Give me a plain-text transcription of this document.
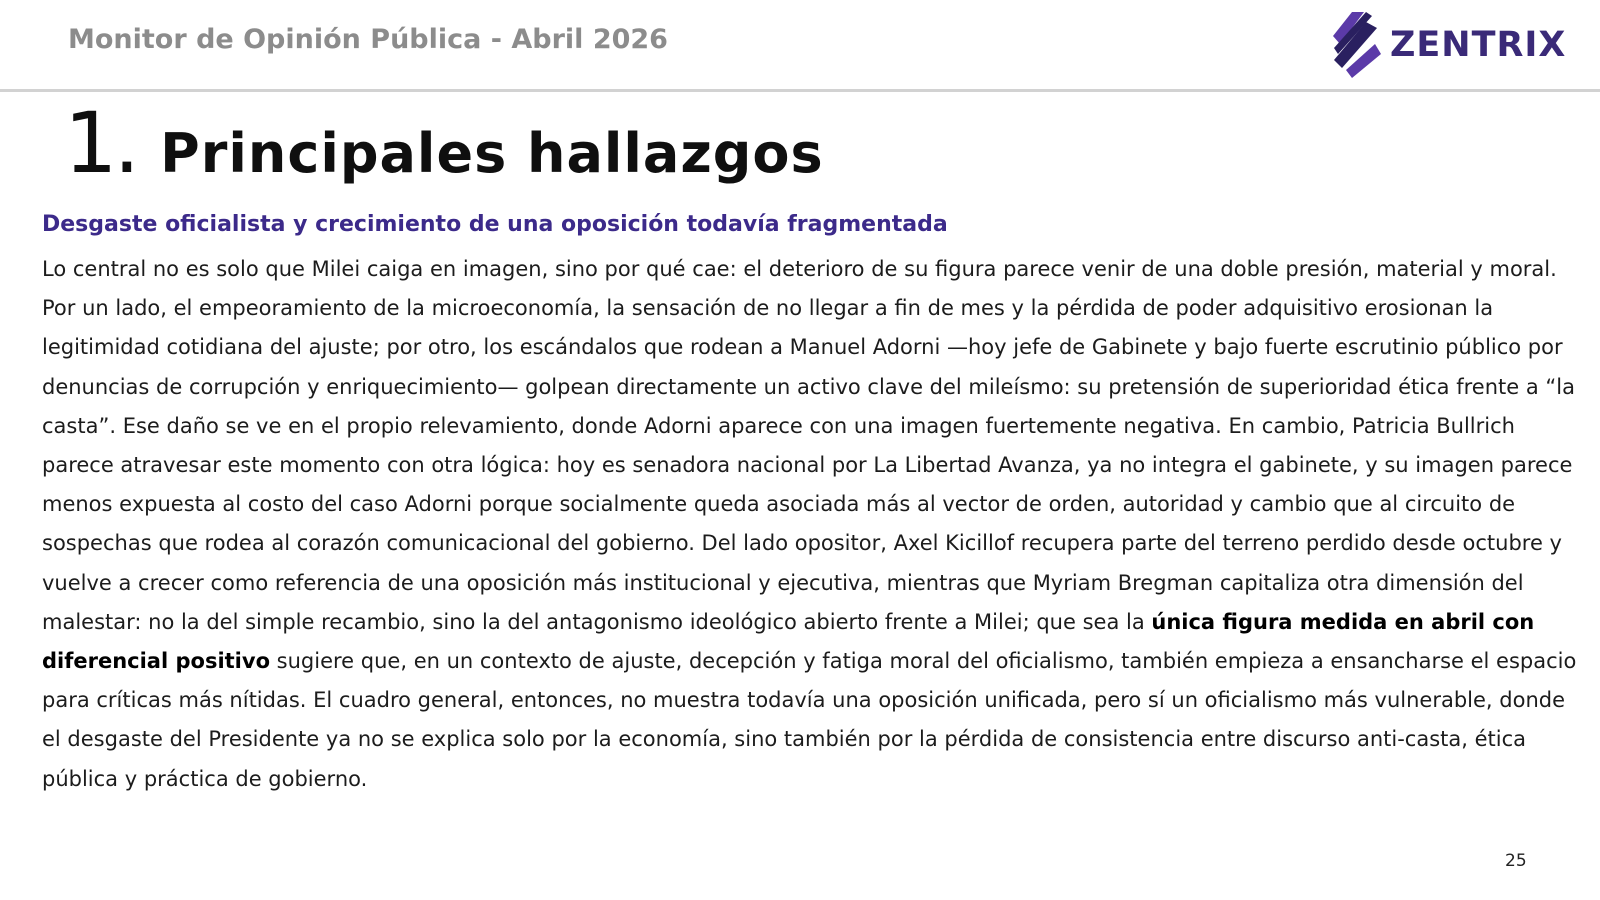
Monitor de Opinión Pública - Abril 2026	ZENTRIX
1. Principales hallazgos
Desgaste oficialista y crecimiento de una oposición todavía fragmentada

Lo central no es solo que Milei caiga en imagen, sino por qué cae: el deterioro de su figura parece venir de una doble presión, material y moral. Por un lado, el empeoramiento de la microeconomía, la sensación de no llegar a fin de mes y la pérdida de poder adquisitivo erosionan la legitimidad cotidiana del ajuste; por otro, los escándalos que rodean a Manuel Adorni —hoy jefe de Gabinete y bajo fuerte escrutinio público por denuncias de corrupción y enriquecimiento— golpean directamente un activo clave del mileísmo: su pretensión de superioridad ética frente a “la casta”. Ese daño se ve en el propio relevamiento, donde Adorni aparece con una imagen fuertemente negativa. En cambio, Patricia Bullrich parece atravesar este momento con otra lógica: hoy es senadora nacional por La Libertad Avanza, ya no integra el gabinete, y su imagen parece menos expuesta al costo del caso Adorni porque socialmente queda asociada más al vector de orden, autoridad y cambio que al circuito de sospechas que rodea al corazón comunicacional del gobierno. Del lado opositor, Axel Kicillof recupera parte del terreno perdido desde octubre y vuelve a crecer como referencia de una oposición más institucional y ejecutiva, mientras que Myriam Bregman capitaliza otra dimensión del malestar: no la del simple recambio, sino la del antagonismo ideológico abierto frente a Milei; que sea la única figura medida en abril con diferencial positivo sugiere que, en un contexto de ajuste, decepción y fatiga moral del oficialismo, también empieza a ensancharse el espacio para críticas más nítidas. El cuadro general, entonces, no muestra todavía una oposición unificada, pero sí un oficialismo más vulnerable, donde el desgaste del Presidente ya no se explica solo por la economía, sino también por la pérdida de consistencia entre discurso anti-casta, ética pública y práctica de gobierno.

25
